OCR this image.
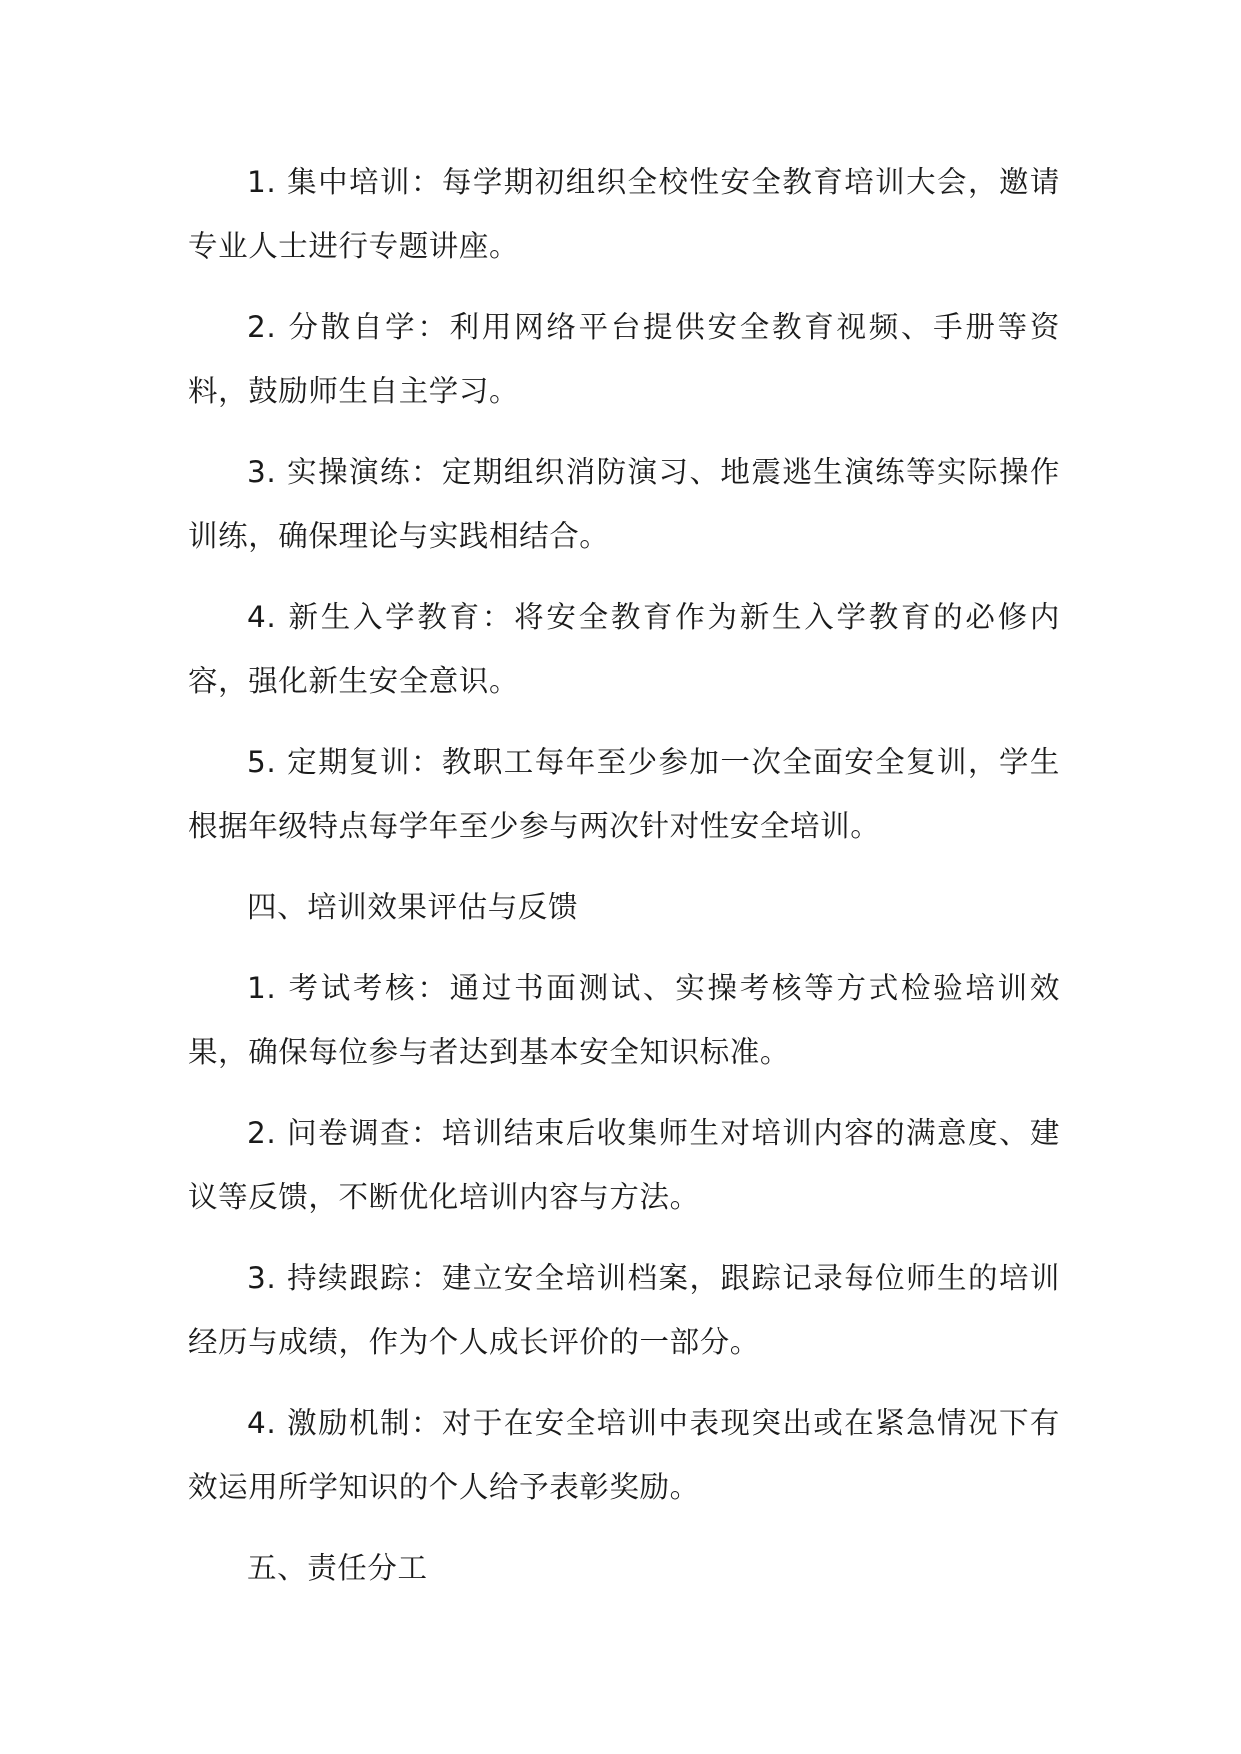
1. 集中培训：每学期初组织全校性安全教育培训大会，邀请专业人士进行专题讲座。

2. 分散自学：利用网络平台提供安全教育视频、手册等资料，鼓励师生自主学习。

3. 实操演练：定期组织消防演习、地震逃生演练等实际操作训练，确保理论与实践相结合。

4. 新生入学教育：将安全教育作为新生入学教育的必修内容，强化新生安全意识。

5. 定期复训：教职工每年至少参加一次全面安全复训，学生根据年级特点每学年至少参与两次针对性安全培训。

四、培训效果评估与反馈

1. 考试考核：通过书面测试、实操考核等方式检验培训效果，确保每位参与者达到基本安全知识标准。

2. 问卷调查：培训结束后收集师生对培训内容的满意度、建议等反馈，不断优化培训内容与方法。

3. 持续跟踪：建立安全培训档案，跟踪记录每位师生的培训经历与成绩，作为个人成长评价的一部分。

4. 激励机制：对于在安全培训中表现突出或在紧急情况下有效运用所学知识的个人给予表彰奖励。

五、责任分工
